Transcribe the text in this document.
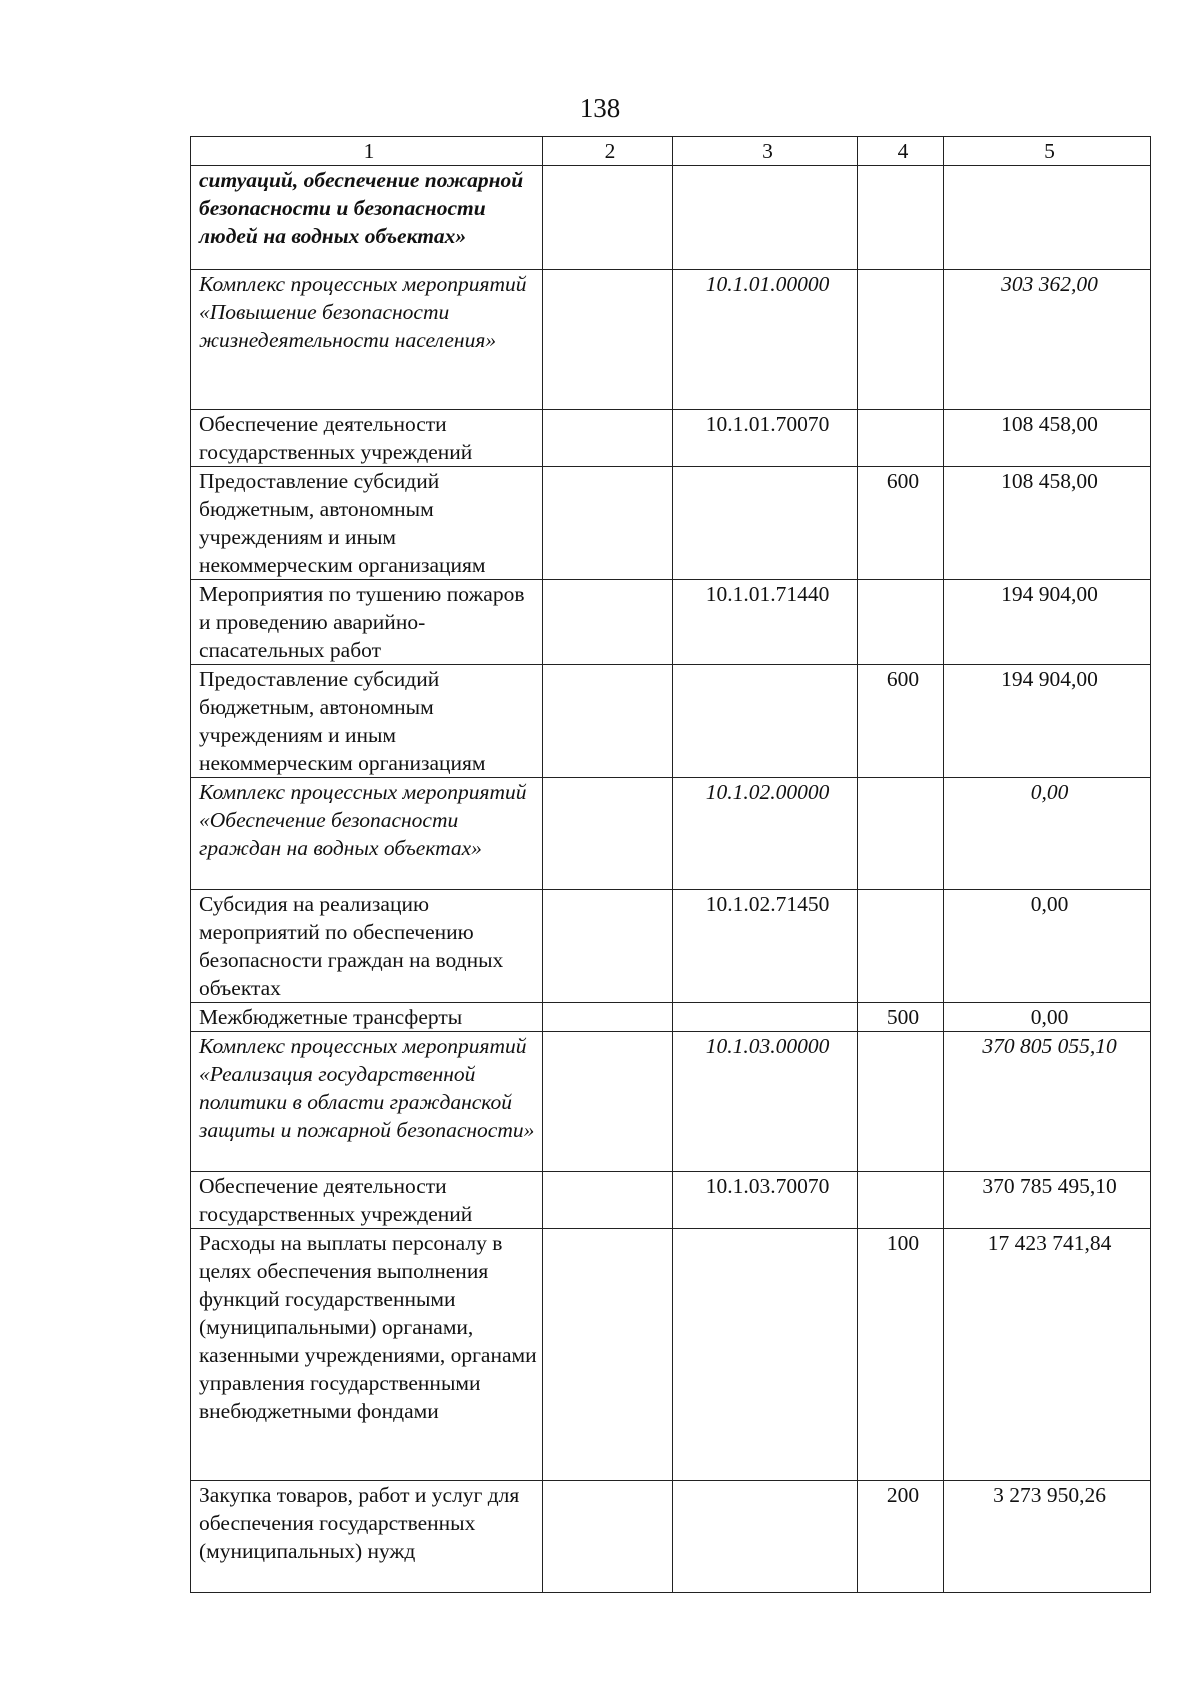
138
1	2	3	4	5
ситуаций, обеспечение пожарной безопасности и безопасности людей на водных объектах»				
Комплекс процессных мероприятий «Повышение безопасности жизнедеятельности населения»		10.1.01.00000		303 362,00
Обеспечение деятельности государственных учреждений		10.1.01.70070		108 458,00
Предоставление субсидий бюджетным, автономным учреждениям и иным некоммерческим организациям			600	108 458,00
Мероприятия по тушению пожаров и проведению аварийно-спасательных работ		10.1.01.71440		194 904,00
Предоставление субсидий бюджетным, автономным учреждениям и иным некоммерческим организациям			600	194 904,00
Комплекс процессных мероприятий «Обеспечение безопасности граждан на водных объектах»		10.1.02.00000		0,00
Субсидия на реализацию мероприятий по обеспечению безопасности граждан на водных объектах		10.1.02.71450		0,00
Межбюджетные трансферты			500	0,00
Комплекс процессных мероприятий «Реализация государственной политики в области гражданской защиты и пожарной безопасности»		10.1.03.00000		370 805 055,10
Обеспечение деятельности государственных учреждений		10.1.03.70070		370 785 495,10
Расходы на выплаты персоналу в целях обеспечения выполнения функций государственными (муниципальными) органами, казенными учреждениями, органами управления государственными внебюджетными фондами			100	17 423 741,84
Закупка товаров, работ и услуг для обеспечения государственных (муниципальных) нужд			200	3 273 950,26
